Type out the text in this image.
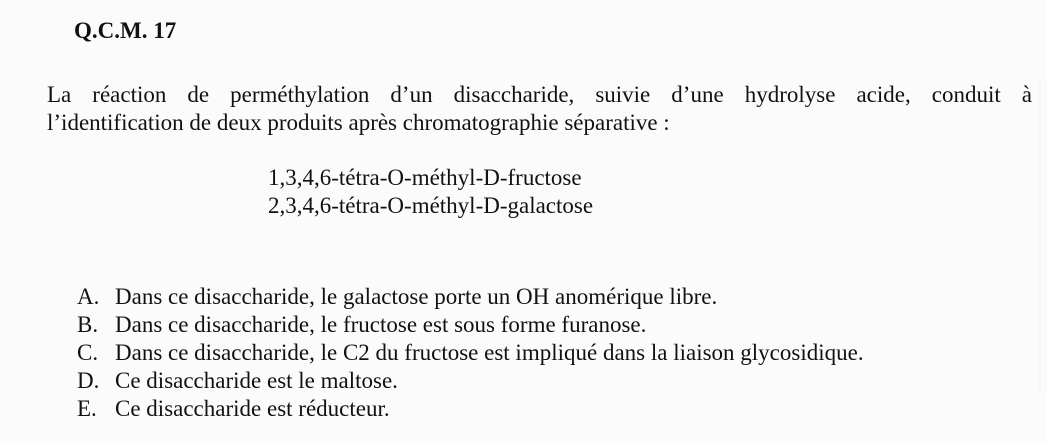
Q.C.M. 17
La réaction de perméthylation d’un disaccharide, suivie d’une hydrolyse acide, conduit à
l’identification de deux produits après chromatographie séparative :
1,3,4,6-tétra-O-méthyl-D-fructose
2,3,4,6-tétra-O-méthyl-D-galactose
A. Dans ce disaccharide, le galactose porte un OH anomérique libre.
B. Dans ce disaccharide, le fructose est sous forme furanose.
C. Dans ce disaccharide, le C2 du fructose est impliqué dans la liaison glycosidique.
D. Ce disaccharide est le maltose.
E. Ce disaccharide est réducteur.
